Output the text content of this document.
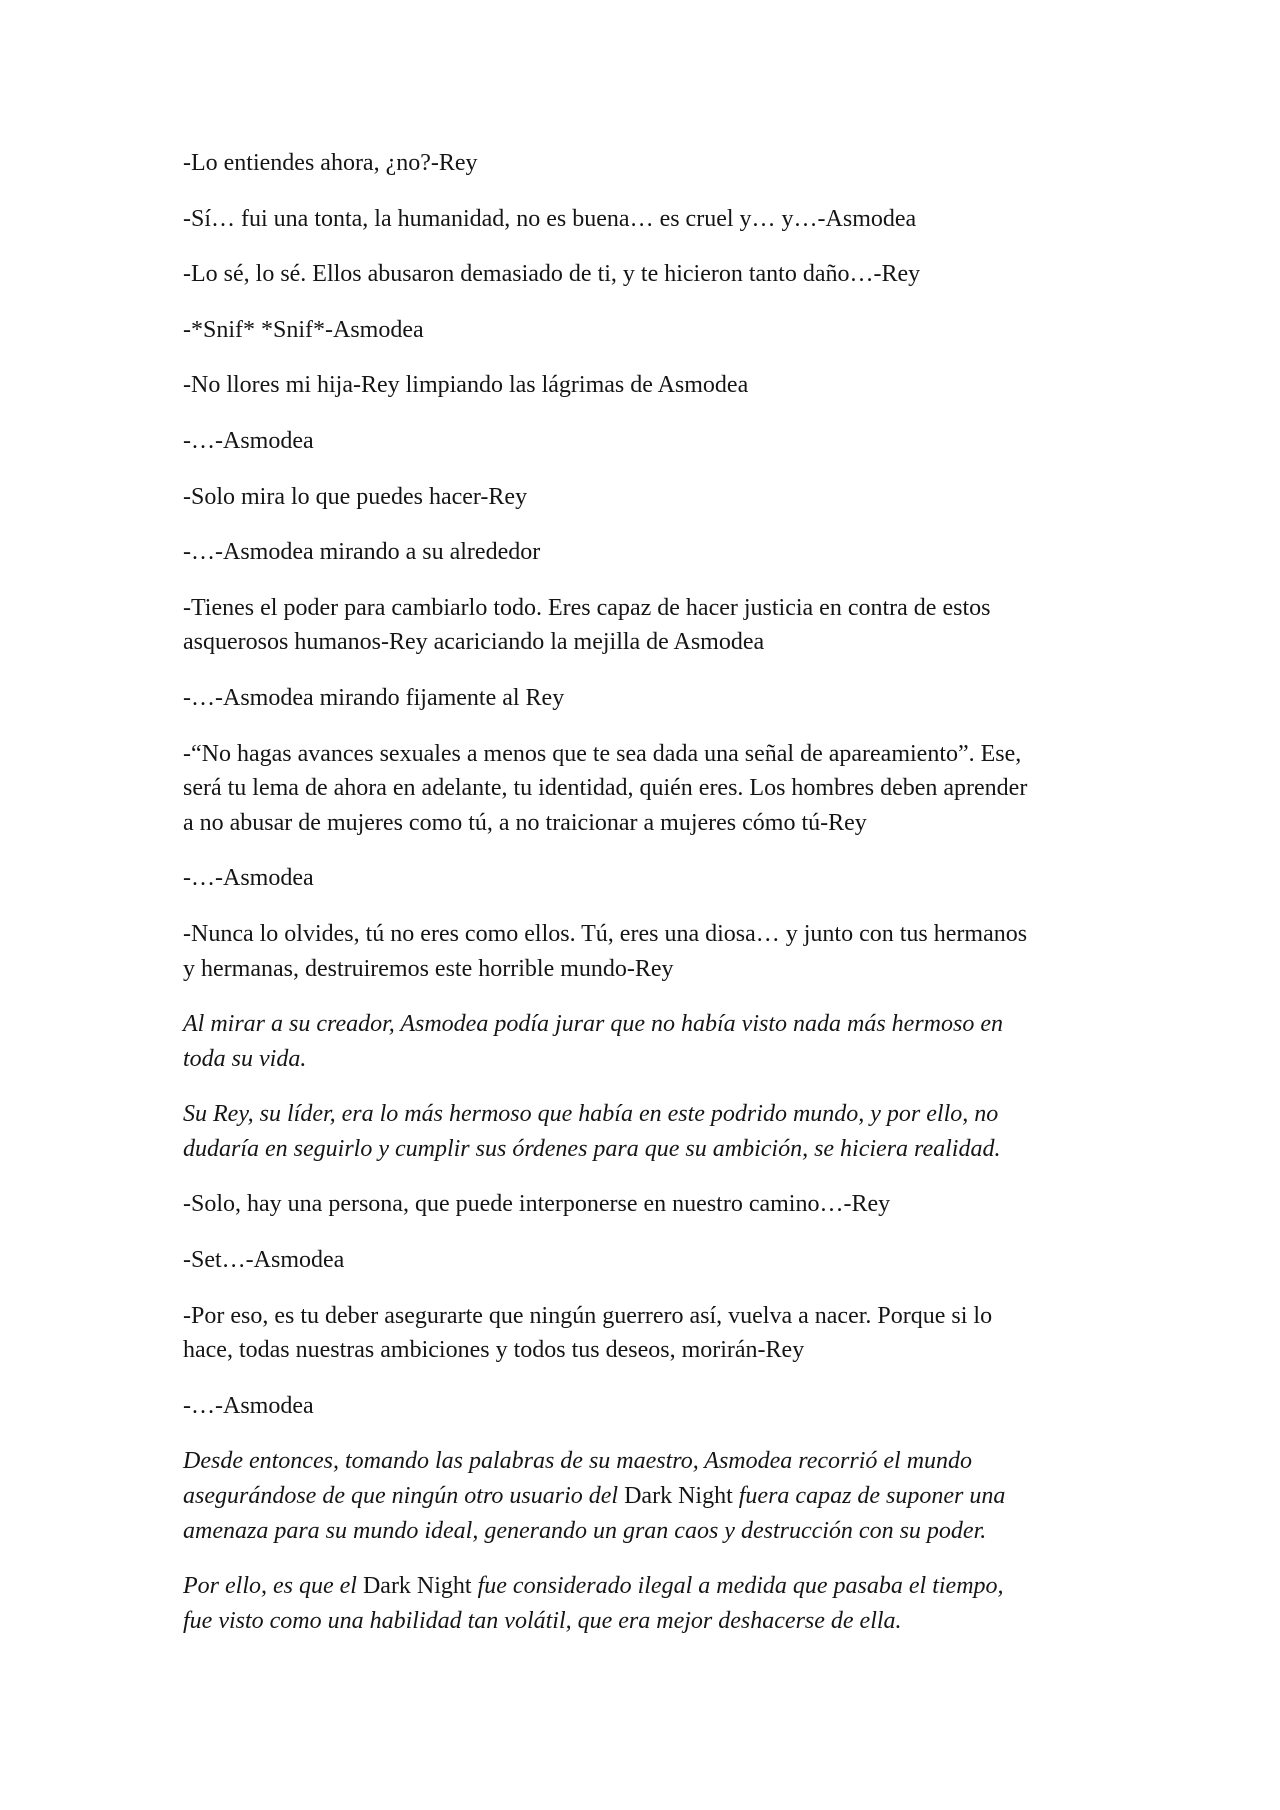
-Lo entiendes ahora, ¿no?-Rey

-Sí… fui una tonta, la humanidad, no es buena… es cruel y… y…-Asmodea

-Lo sé, lo sé. Ellos abusaron demasiado de ti, y te hicieron tanto daño…-Rey

-*Snif* *Snif*-Asmodea

-No llores mi hija-Rey limpiando las lágrimas de Asmodea

-…-Asmodea

-Solo mira lo que puedes hacer-Rey

-…-Asmodea mirando a su alrededor

-Tienes el poder para cambiarlo todo. Eres capaz de hacer justicia en contra de estos
asquerosos humanos-Rey acariciando la mejilla de Asmodea

-…-Asmodea mirando fijamente al Rey

-“No hagas avances sexuales a menos que te sea dada una señal de apareamiento”. Ese,
será tu lema de ahora en adelante, tu identidad, quién eres. Los hombres deben aprender
a no abusar de mujeres como tú, a no traicionar a mujeres cómo tú-Rey

-…-Asmodea

-Nunca lo olvides, tú no eres como ellos. Tú, eres una diosa… y junto con tus hermanos
y hermanas, destruiremos este horrible mundo-Rey

Al mirar a su creador, Asmodea podía jurar que no había visto nada más hermoso en
toda su vida.

Su Rey, su líder, era lo más hermoso que había en este podrido mundo, y por ello, no
dudaría en seguirlo y cumplir sus órdenes para que su ambición, se hiciera realidad.

-Solo, hay una persona, que puede interponerse en nuestro camino…-Rey

-Set…-Asmodea

-Por eso, es tu deber asegurarte que ningún guerrero así, vuelva a nacer. Porque si lo
hace, todas nuestras ambiciones y todos tus deseos, morirán-Rey

-…-Asmodea

Desde entonces, tomando las palabras de su maestro, Asmodea recorrió el mundo
asegurándose de que ningún otro usuario del Dark Night fuera capaz de suponer una
amenaza para su mundo ideal, generando un gran caos y destrucción con su poder.

Por ello, es que el Dark Night fue considerado ilegal a medida que pasaba el tiempo,
fue visto como una habilidad tan volátil, que era mejor deshacerse de ella.
